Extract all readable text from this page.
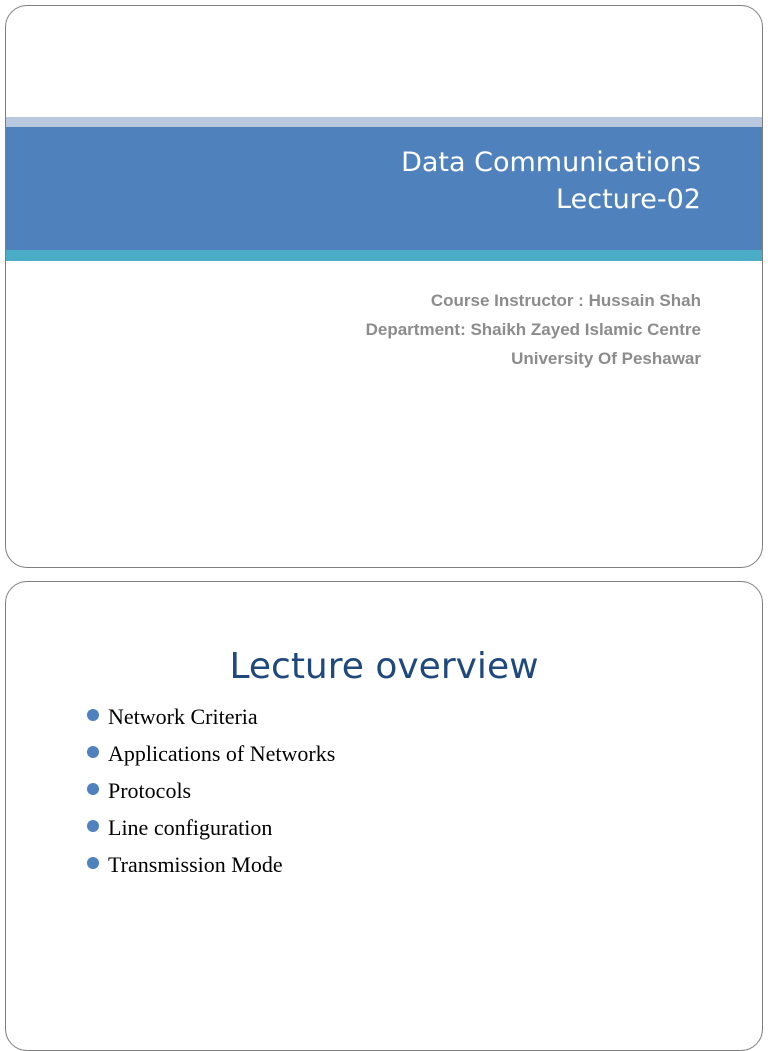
Data Communications
Lecture-02
Course Instructor : Hussain Shah
Department: Shaikh Zayed Islamic Centre
University Of Peshawar
Lecture overview
Network Criteria
Applications of Networks
Protocols
Line configuration
Transmission Mode
